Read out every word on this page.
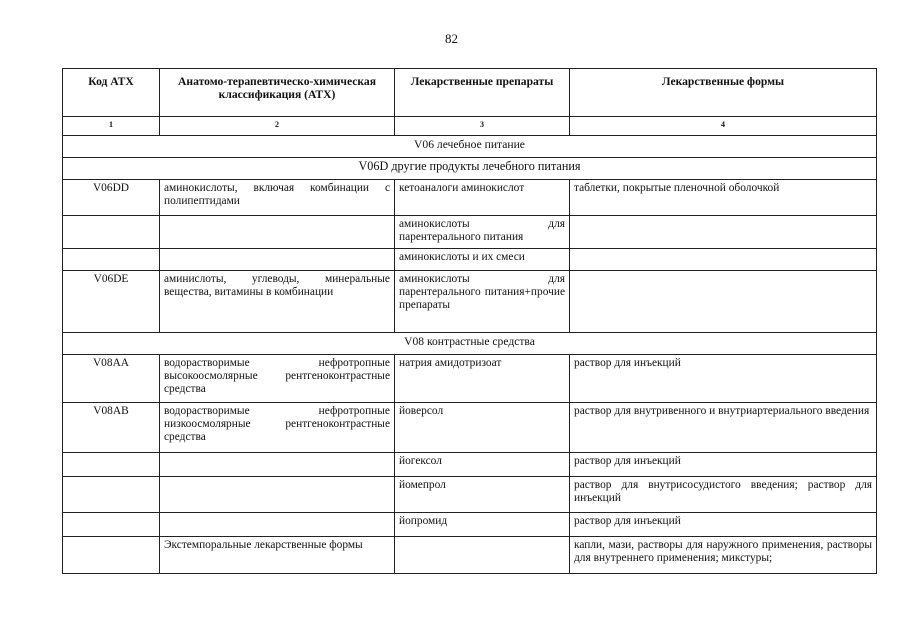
82
Код АТХ	Анатомо-терапевтическо-химическая классификация (АТХ)	Лекарственные препараты	Лекарственные формы
1	2	3	4
V06 лечебное питание			
V06D другие продукты лечебного питания			
V06DD	аминокислоты, включая комбинации с полипептидами	кетоаналоги аминокислот	таблетки, покрытые пленочной оболочкой
		аминокислоты для парентерального питания	
		аминокислоты и их смеси	
V06DE	аминислоты, углеводы, минеральные вещества, витамины в комбинации	аминокислоты для парентерального питания+прочие препараты	
V08 контрастные средства			
V08AA	водорастворимые нефротропные высокоосмолярные рентгеноконтрастные средства	натрия амидотризоат	раствор для инъекций
V08AB	водорастворимые нефротропные низкоосмолярные рентгеноконтрастные средства	йоверсол	раствор для внутривенного и внутриартериального введения
		йогексол	раствор для инъекций
		йомепрол	раствор для внутрисосудистого введения; раствор для инъекций
		йопромид	раствор для инъекций
	Экстемпоральные лекарственные формы		капли, мази, растворы для наружного применения, растворы для внутреннего применения; микстуры;
